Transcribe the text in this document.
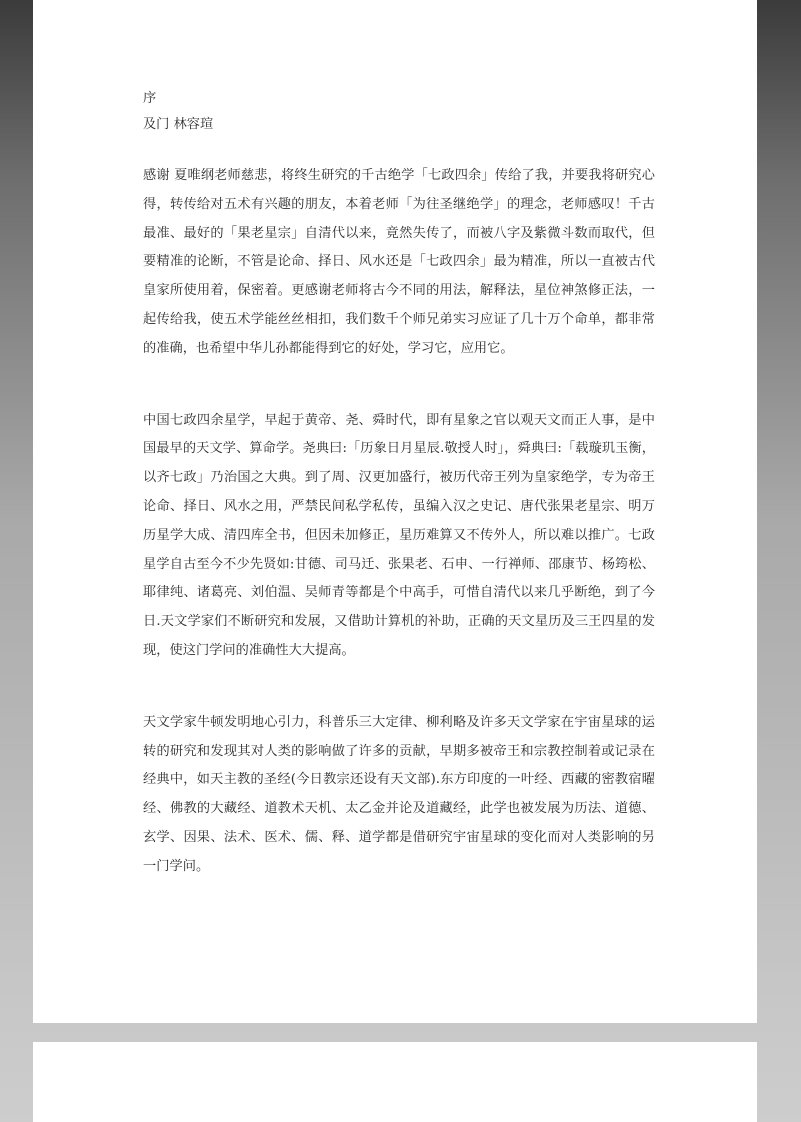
序

及门 林容瑄

感谢 夏唯纲老师慈悲，将终生研究的千古绝学「七政四余」传给了我，并要我将研究心得，转传给对五术有兴趣的朋友，本着老师「为往圣继绝学」的理念，老师感叹！千古最准、最好的「果老星宗」自清代以来，竟然失传了，而被八字及紫微斗数而取代，但要精准的论断，不管是论命、择日、风水还是「七政四余」最为精准，所以一直被古代皇家所使用着，保密着。更感谢老师将古今不同的用法，解释法，星位神煞修正法，一起传给我，使五术学能丝丝相扣，我们数千个师兄弟实习应证了几十万个命单，都非常的准确，也希望中华儿孙都能得到它的好处，学习它，应用它。

中国七政四余星学，早起于黄帝、尧、舜时代，即有星象之官以观天文而正人事，是中国最早的天文学、算命学。尧典曰:「历象日月星辰.敬授人时」，舜典曰:「载璇玑玉衡，以齐七政」乃治国之大典。到了周、汉更加盛行，被历代帝王列为皇家绝学，专为帝王论命、择日、风水之用，严禁民间私学私传，虽编入汉之史记、唐代张果老星宗、明万历星学大成、清四库全书，但因未加修正，星历难算又不传外人，所以难以推广。七政星学自古至今不少先贤如:甘德、司马迁、张果老、石申、一行禅师、邵康节、杨筠松、耶律纯、诸葛亮、刘伯温、吴师青等都是个中高手，可惜自清代以来几乎断绝，到了今日.天文学家们不断研究和发展，又借助计算机的补助，正确的天文星历及三王四星的发现，使这门学问的准确性大大提高。

天文学家牛顿发明地心引力，科普乐三大定律、柳利略及许多天文学家在宇宙星球的运转的研究和发现其对人类的影响做了许多的贡献，早期多被帝王和宗教控制着或记录在经典中，如天主教的圣经(今日教宗还设有天文部).东方印度的一叶经、西藏的密教宿曜经、佛教的大藏经、道教术天机、太乙金并论及道藏经，此学也被发展为历法、道德、玄学、因果、法术、医术、儒、释、道学都是借研究宇宙星球的变化而对人类影响的另一门学问。
